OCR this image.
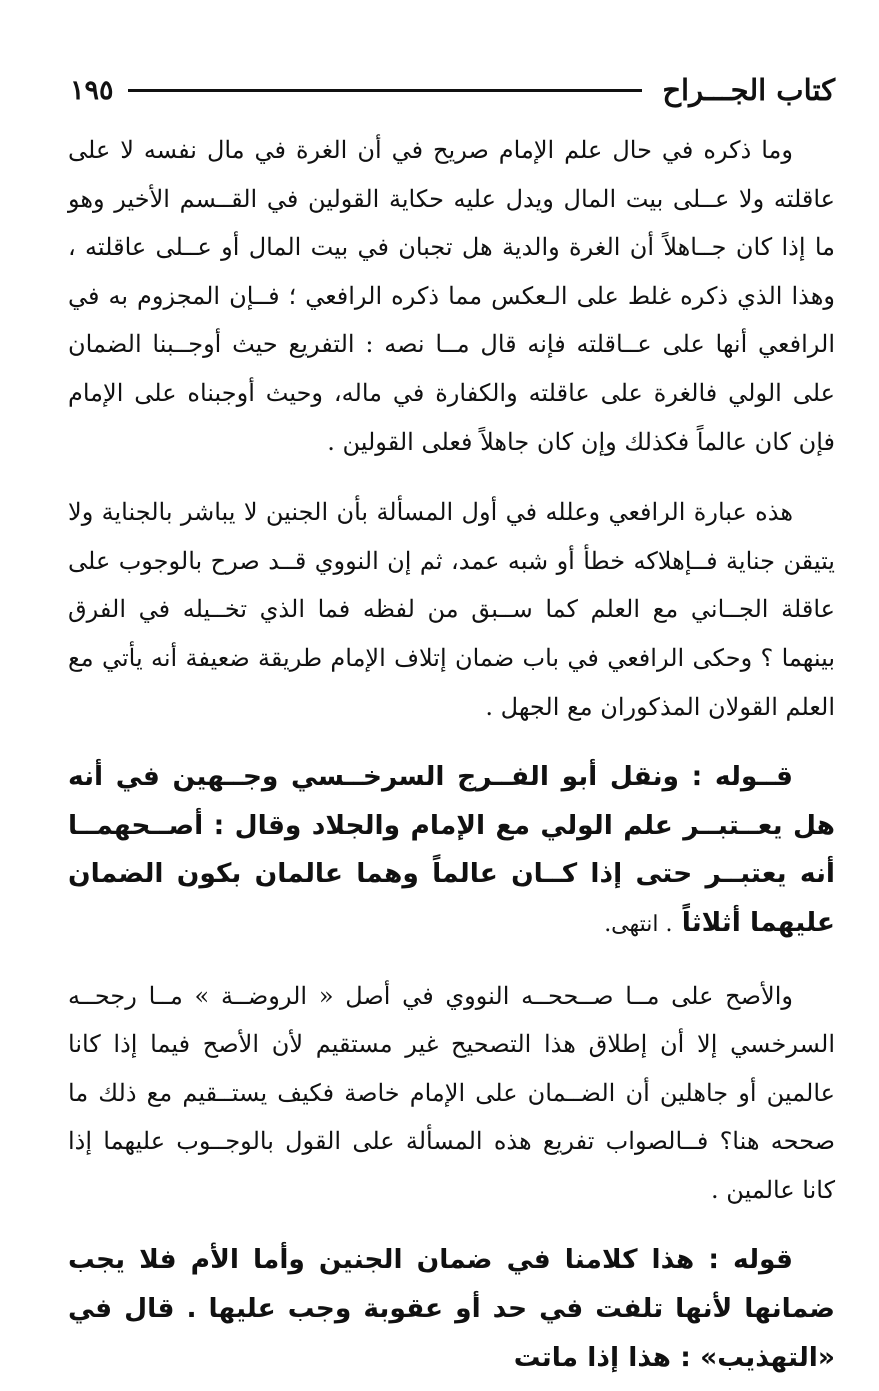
كتاب الجـــراح
١٩٥

وما ذكره في حال علم الإمام صريح في أن الغرة في مال نفسه لا على عاقلته ولا عــلى بيت المال ويدل عليه حكاية القولين في القــسم الأخير وهو ما إذا كان جــاهلاً أن الغرة والدية هل تجبان في بيت المال أو عــلى عاقلته ، وهذا الذي ذكره غلط على الـعكس مما ذكره الرافعي ؛ فــإن المجزوم به في الرافعي أنها على عــاقلته فإنه قال مــا نصه : التفريع حيث أوجــبنا الضمان على الولي فالغرة على عاقلته والكفارة في ماله، وحيث أوجبناه على الإمام فإن كان عالماً فكذلك وإن كان جاهلاً فعلى القولين .

هذه عبارة الرافعي وعلله في أول المسألة بأن الجنين لا يباشر بالجناية ولا يتيقن جناية فــإهلاكه خطأ أو شبه عمد، ثم إن النووي قــد صرح بالوجوب على عاقلة الجــاني مع العلم كما ســبق من لفظه فما الذي تخــيله في الفرق بينهما ؟ وحكى الرافعي في باب ضمان إتلاف الإمام طريقة ضعيفة أنه يأتي مع العلم القولان المذكوران مع الجهل .

قــوله : ونقل أبو الفــرج السرخــسي وجــهين في أنه هل يعــتبــر علم الولي مع الإمام والجلاد وقال : أصــحهمــا أنه يعتبــر حتى إذا كــان عالماً وهما عالمان بكون الضمان عليهما أثلاثاً . انتهى.

والأصح على مــا صــححــه النووي في أصل « الروضــة » مــا رجحــه السرخسي إلا أن إطلاق هذا التصحيح غير مستقيم لأن الأصح فيما إذا كانا عالمين أو جاهلين أن الضــمان على الإمام خاصة فكيف يستــقيم مع ذلك ما صححه هنا؟ فــالصواب تفريع هذه المسألة على القول بالوجــوب عليهما إذا كانا عالمين .

قوله : هذا كلامنا في ضمان الجنين وأما الأم فلا يجب ضمانها لأنها تلفت في حد أو عقوبة وجب عليها . قال في «التهذيب» : هذا إذا ماتت
